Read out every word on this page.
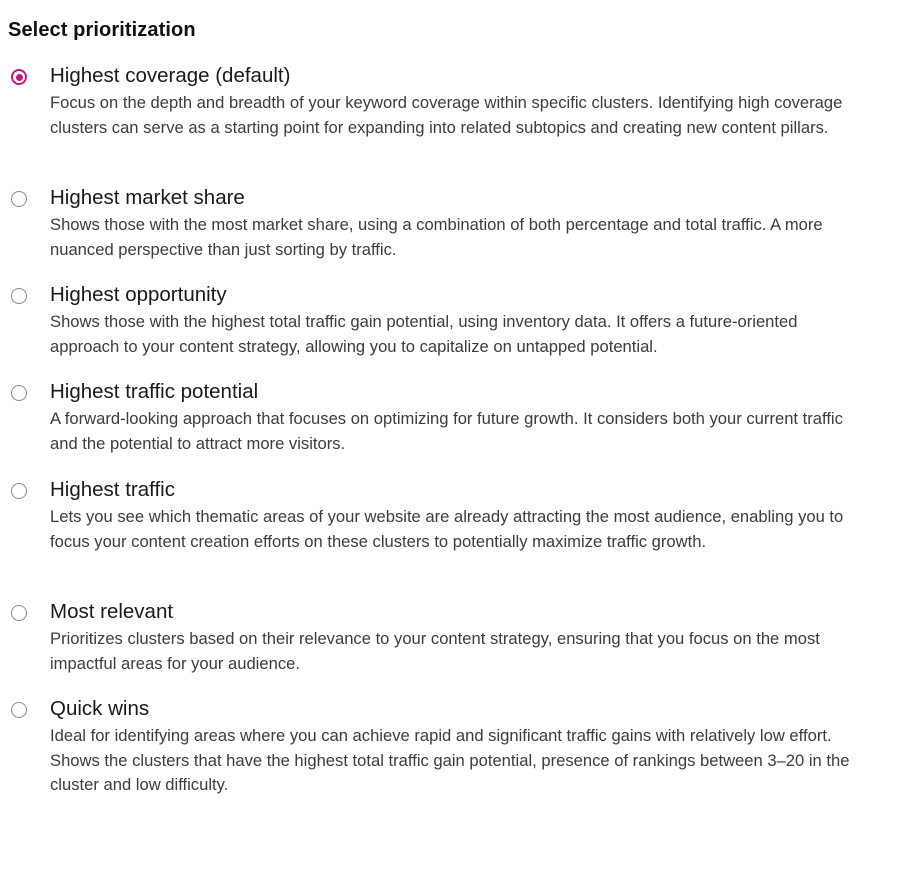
Select prioritization
Highest coverage (default)
Focus on the depth and breadth of your keyword coverage within specific clusters. Identifying high coverage clusters can serve as a starting point for expanding into related subtopics and creating new content pillars.
Highest market share
Shows those with the most market share, using a combination of both percentage and total traffic. A more nuanced perspective than just sorting by traffic.
Highest opportunity
Shows those with the highest total traffic gain potential, using inventory data. It offers a future-oriented approach to your content strategy, allowing you to capitalize on untapped potential.
Highest traffic potential
A forward-looking approach that focuses on optimizing for future growth. It considers both your current traffic and the potential to attract more visitors.
Highest traffic
Lets you see which thematic areas of your website are already attracting the most audience, enabling you to focus your content creation efforts on these clusters to potentially maximize traffic growth.
Most relevant
Prioritizes clusters based on their relevance to your content strategy, ensuring that you focus on the most impactful areas for your audience.
Quick wins
Ideal for identifying areas where you can achieve rapid and significant traffic gains with relatively low effort. Shows the clusters that have the highest total traffic gain potential, presence of rankings between 3–20 in the cluster and low difficulty.
